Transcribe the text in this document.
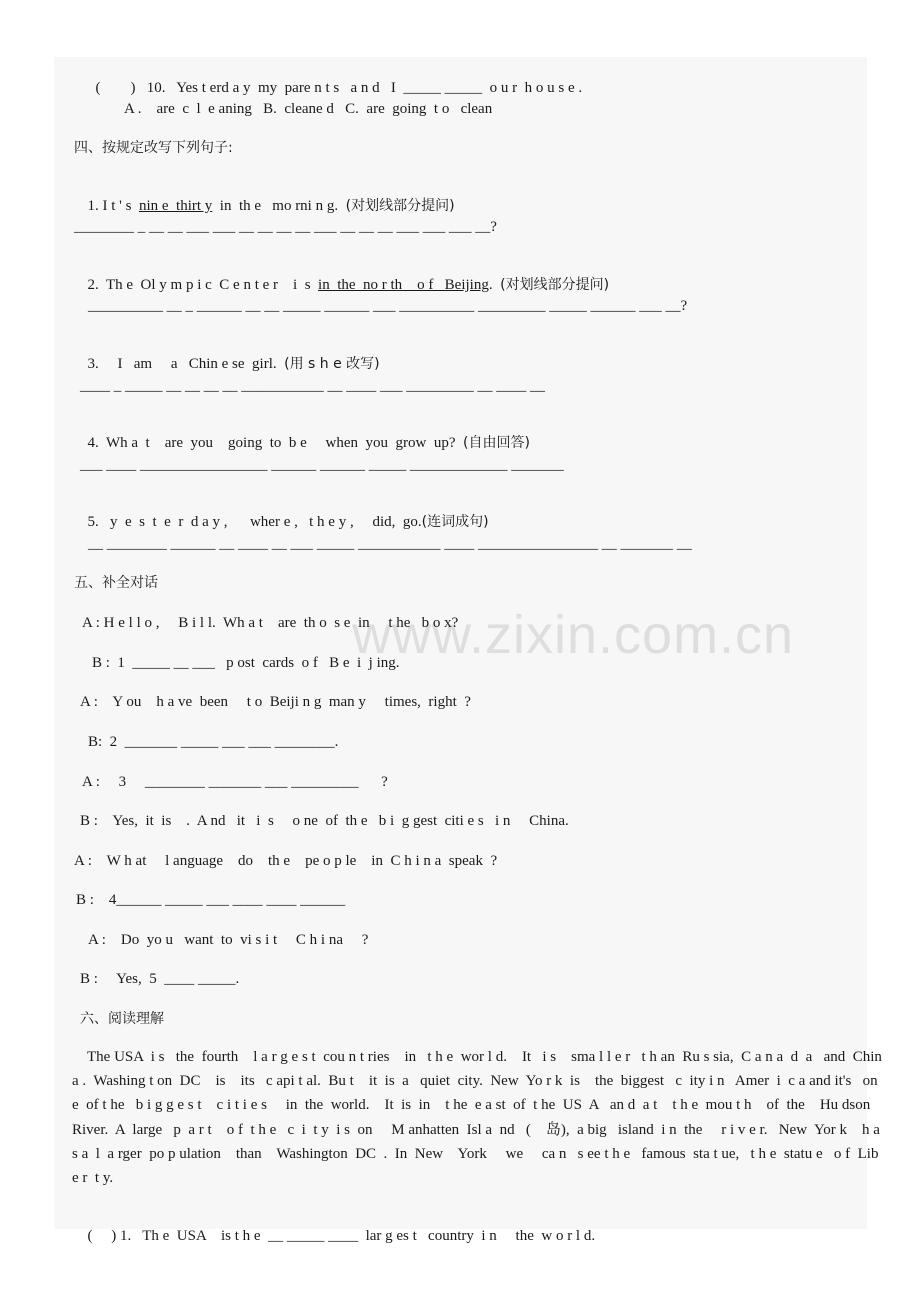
(        ) 10.   Yes t erd a y  my  pare n t s   a n d   I _____ _____  o u r  h o u s e .

A .    are  c  l  e aning   B.  cleane d   C.  are  going  t o   clean
四、按规定改写下列句子:

1. I t ' s  nin e  thirt y  in  th e   mo rni n g.  (对划线部分提问)

________ _ __ __ ___ ___ __ __ __ __ ___ __ __ __ ___ ___ ___ __?

2.  Th e  Ol y m p i c  C e n t e r    i  s  in  the  no r th    o f   Beijing.  (对划线部分提问)

__________ __ _ ______ __ __ _____ ______ ___ __________ _________ _____ ______ ___ __?

3.     I   am     a   Chin e se  girl.  (用 s h e 改写)

____ _ _____ __ __ __ __ ___________ __ ____ ___ _________ __ ____ __

4.  Wh a  t    are  you    going  to  b e     when  you  grow  up?  (自由回答)

___ ____ _________________ ______ ______ _____ _____________ _______

5.   y  e  s  t  e  r  d a y ,      wher e ,   t h e y ,     did,  go.(连词成句)

__ ________ ______ __ ____ __ ___ _____ ___________ ____ ________________ __ _______ __
五、补全对话
www.zixin.com.cn
A : H e l l o ,     B i l l.  Wh a t    are  th o  s e  in     t he   b o x?
B :  1  _____ __ ___   p ost  cards  o f   B e  i  j ing.
A :    Y ou    h a ve  been     t o  Beiji n g  man y     times,  right  ?
B:  2  _______ _____ ___ ___ ________.
A :     3     ________ _______ ___ _________      ?
B :    Yes,  it  is    .  A nd   it   i  s     o ne  of  th e   b i  g gest  citi e s   i n     China.
A :    W h at     l anguage    do    th e    pe o p le    in  C h i n a  speak  ?
B :    4______ _____ ___ ____ ____ ______
A :    Do  yo u   want  to  vi s i t     C h i na     ?
B :     Yes,  5  ____ _____.
六、阅读理解
The USA  i s   the  fourth    l a r g e s t  cou n t ries    in   t h e  wor l d.    It   i s    sma l l e r   t h an  Ru s sia,  C a n a  d  a   and  Chin a .  Washing t on  DC    is    its   c api t al.  Bu t    it  is  a   quiet  city.  New  Yo r k  is    the  biggest   c  ity i n   Amer  i  c a and it's   one  of t he   b i g g e s t    c i t i e s     in  the  world.    It  is  in    t he  e a st  of  t he  US  A   an d  a t    t h e  mou t h    of  the    Hu dson  River.  A  large   p  a r t    o f  t h e   c  i  t y  i s  on     M anhatten  Isl a  nd   (    岛),  a big   island  i n  the     r i v e r.   New  Yor k    h a s a  l  a rger  po p ulation    than    Washington  DC  .  In  New    York     we     ca n   s ee t h e   famous  sta t ue,   t h e  statu e   o f  Libe r  t y.

(     ) 1.   Th e  USA    is t h e  __ _____ ____  lar g es t   country  i n     the  w o r l d.
